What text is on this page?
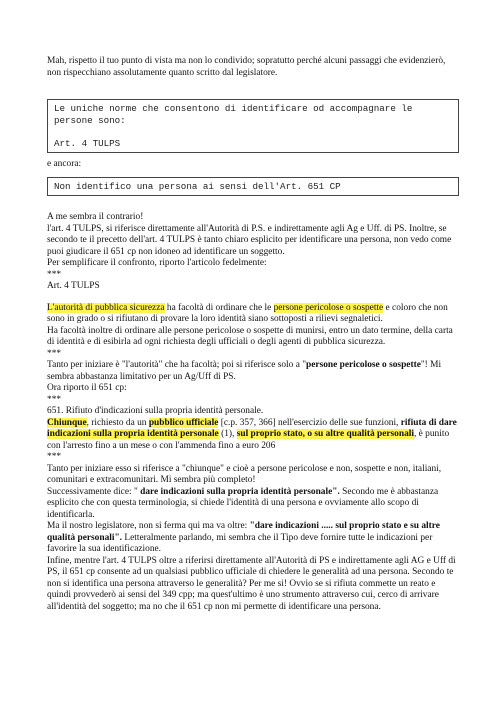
Mah, rispetto il tuo punto di vista ma non lo condivido; sopratutto perché alcuni passaggi che evidenzierò, non rispecchiano assolutamente quanto scritto dal legislatore.

Le uniche norme che consentono di identificare od accompagnare le persone sono:

Art. 4 TULPS

e ancora:

Non identifico una persona ai sensi dell'Art. 651 CP

A me sembra il contrario!

l'art. 4 TULPS, si riferisce direttamente all'Autorità di P.S. e indirettamente agli Ag e Uff. di PS. Inoltre, se secondo te il precetto dell'art. 4 TULPS è tanto chiaro esplicito per identificare una persona, non vedo come puoi giudicare il 651 cp non idoneo ad identificare un soggetto.

Per semplificare il confronto, riporto l'articolo fedelmente:

***

Art. 4 TULPS

L'autorità di pubblica sicurezza ha facoltà di ordinare che le persone pericolose o sospette e coloro che non sono in grado o si rifiutano di provare la loro identità siano sottoposti a rilievi segnaletici.

Ha facoltà inoltre di ordinare alle persone pericolose o sospette di munirsi, entro un dato termine, della carta di identità e di esibirla ad ogni richiesta degli ufficiali o degli agenti di pubblica sicurezza.

***

Tanto per iniziare è "l'autorità" che ha facoltà; poi si riferisce solo a "persone pericolose o sospette"! Mi sembra abbastanza limitativo per un Ag/Uff di PS.

Ora riporto il 651 cp:

***

651. Rifiuto d'indicazioni sulla propria identità personale.

Chiunque, richiesto da un pubblico ufficiale [c.p. 357, 366] nell'esercizio delle sue funzioni, rifiuta di dare indicazioni sulla propria identità personale (1), sul proprio stato, o su altre qualità personali, è punito con l'arresto fino a un mese o con l'ammenda fino a euro 206

***

Tanto per iniziare esso si riferisce a "chiunque" e cioè a persone pericolose e non, sospette e non, italiani, comunitari e extracomunitari. Mi sembra più completo!

Successivamente dice: " dare indicazioni sulla propria identità personale". Secondo me è abbastanza esplicito che con questa terminologia, si chiede l'identità di una persona e ovviamente allo scopo di identificarla.

Ma il nostro legislatore, non si ferma qui ma va oltre: "dare indicazioni ..... sul proprio stato e su altre qualità personali". Letteralmente parlando, mi sembra che il Tipo deve fornire tutte le indicazioni per favorire la sua identificazione.

Infine, mentre l'art. 4 TULPS oltre a riferirsi direttamente all'Autorità di PS e indirettamente agli AG e Uff di PS, il 651 cp consente ad un qualsiasi pubblico ufficiale di chiedere le generalità ad una persona. Secondo te non si identifica una persona attraverso le generalità? Per me si! Ovvio se si rifiuta commette un reato e quindi provvederò ai sensi del 349 cpp; ma quest'ultimo è uno strumento attraverso cui, cerco di arrivare all'identità del soggetto; ma no che il 651 cp non mi permette di identificare una persona.
